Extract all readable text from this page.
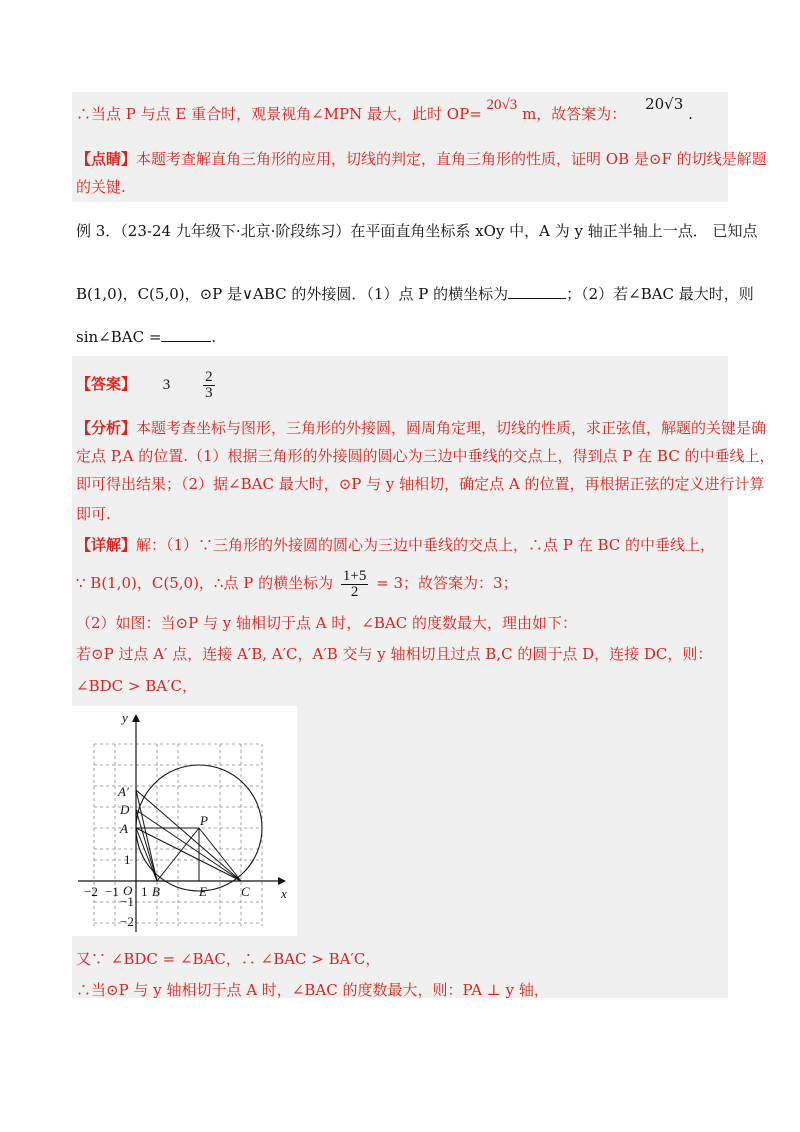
∴当点 P 与点 E 重合时，观景视角∠MPN 最大，此时 OP= 20√3 m，故答案为： 20√3 .
【点睛】本题考查解直角三角形的应用，切线的判定，直角三角形的性质，证明 OB 是⊙F 的切线是解题
的关键.
例 3．（23-24 九年级下·北京·阶段练习）在平面直角坐标系 xOy 中，A 为 y 轴正半轴上一点． 已知点
B(1,0)，C(5,0)，⊙P 是∨ABC 的外接圆．（1）点 P 的横坐标为	；（2）若∠BAC 最大时，则
sin∠BAC =	.
【答案】 $3 \frac{2}{3}$
【分析】本题考查坐标与图形，三角形的外接圆，圆周角定理，切线的性质，求正弦值，解题的关键是确
定点 P,A 的位置.（1）根据三角形的外接圆的圆心为三边中垂线的交点上，得到点 P 在 BC 的中垂线上，
即可得出结果；（2）据∠BAC 最大时，⊙P 与 y 轴相切，确定点 A 的位置，再根据正弦的定义进行计算
即可.
【详解】解：（1）∵三角形的外接圆的圆心为三边中垂线的交点上，∴点 P 在 BC 的中垂线上，
∵ B(1,0)，C(5,0)，∴点 P 的横坐标为 $\frac{1+5}{2} = 3$；故答案为：3；
（2）如图：当⊙P 与 y 轴相切于点 A 时，∠BAC 的度数最大，理由如下：
若⊙P 过点 A′ 点，连接 A′B, A′C，A′B 交与 y 轴相切且过点 B,C 的圆于点 D，连接 DC，则：
∠BDC > BA′C，
y
x
O
A′
D
A
P
B	E	C
−2 −1 1
1
−1
−2
又∵ ∠BDC = ∠BAC，∴ ∠BAC > BA′C，
∴当⊙P 与 y 轴相切于点 A 时，∠BAC 的度数最大，则：PA ⊥ y 轴，
